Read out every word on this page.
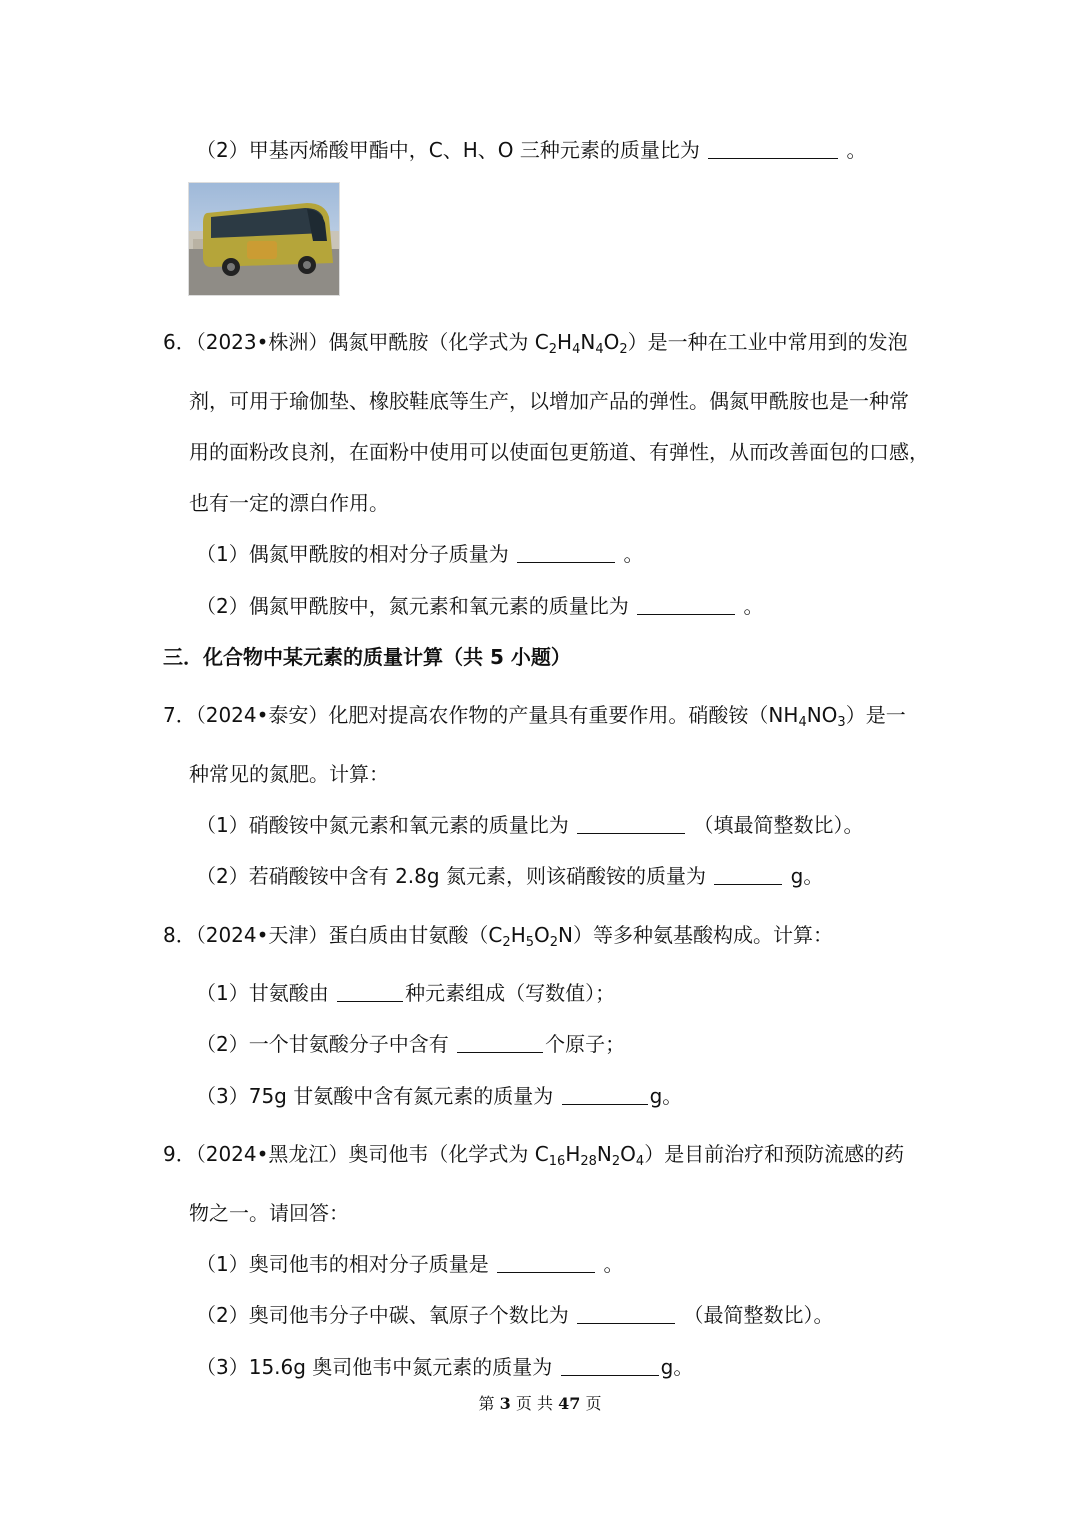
（2）甲基丙烯酸甲酯中，C、H、O 三种元素的质量比为	。
6．（2023•株洲）偶氮甲酰胺（化学式为 $C_2H_4N_4O_2$）是一种在工业中常用到的发泡
剂，可用于瑜伽垫、橡胶鞋底等生产，以增加产品的弹性。偶氮甲酰胺也是一种常
用的面粉改良剂，在面粉中使用可以使面包更筋道、有弹性，从而改善面包的口感，
也有一定的漂白作用。
（1）偶氮甲酰胺的相对分子质量为	。
（2）偶氮甲酰胺中，氮元素和氧元素的质量比为	。
三．化合物中某元素的质量计算（共 5 小题）
7．（2024•泰安）化肥对提高农作物的产量具有重要作用。硝酸铵$(NH_4NO_3)$是一
种常见的氮肥。计算：
（1）硝酸铵中氮元素和氧元素的质量比为	（填最简整数比）。
（2）若硝酸铵中含有 2.8g 氮元素，则该硝酸铵的质量为	g。
8．（2024•天津）蛋白质由甘氨酸$(C_2H_5O_2N)$等多种氨基酸构成。计算：
（1）甘氨酸由	种元素组成（写数值）；
（2）一个甘氨酸分子中含有	个原子；
（3）75g 甘氨酸中含有氮元素的质量为	g。
9．（2024•黑龙江）奥司他韦（化学式为 $C_{16}H_{28}N_2O_4$）是目前治疗和预防流感的药
物之一。请回答：
（1）奥司他韦的相对分子质量是	。
（2）奥司他韦分子中碳、氧原子个数比为	（最简整数比）。
（3）15.6g 奥司他韦中氮元素的质量为	g。
第 3 页 共 47 页
